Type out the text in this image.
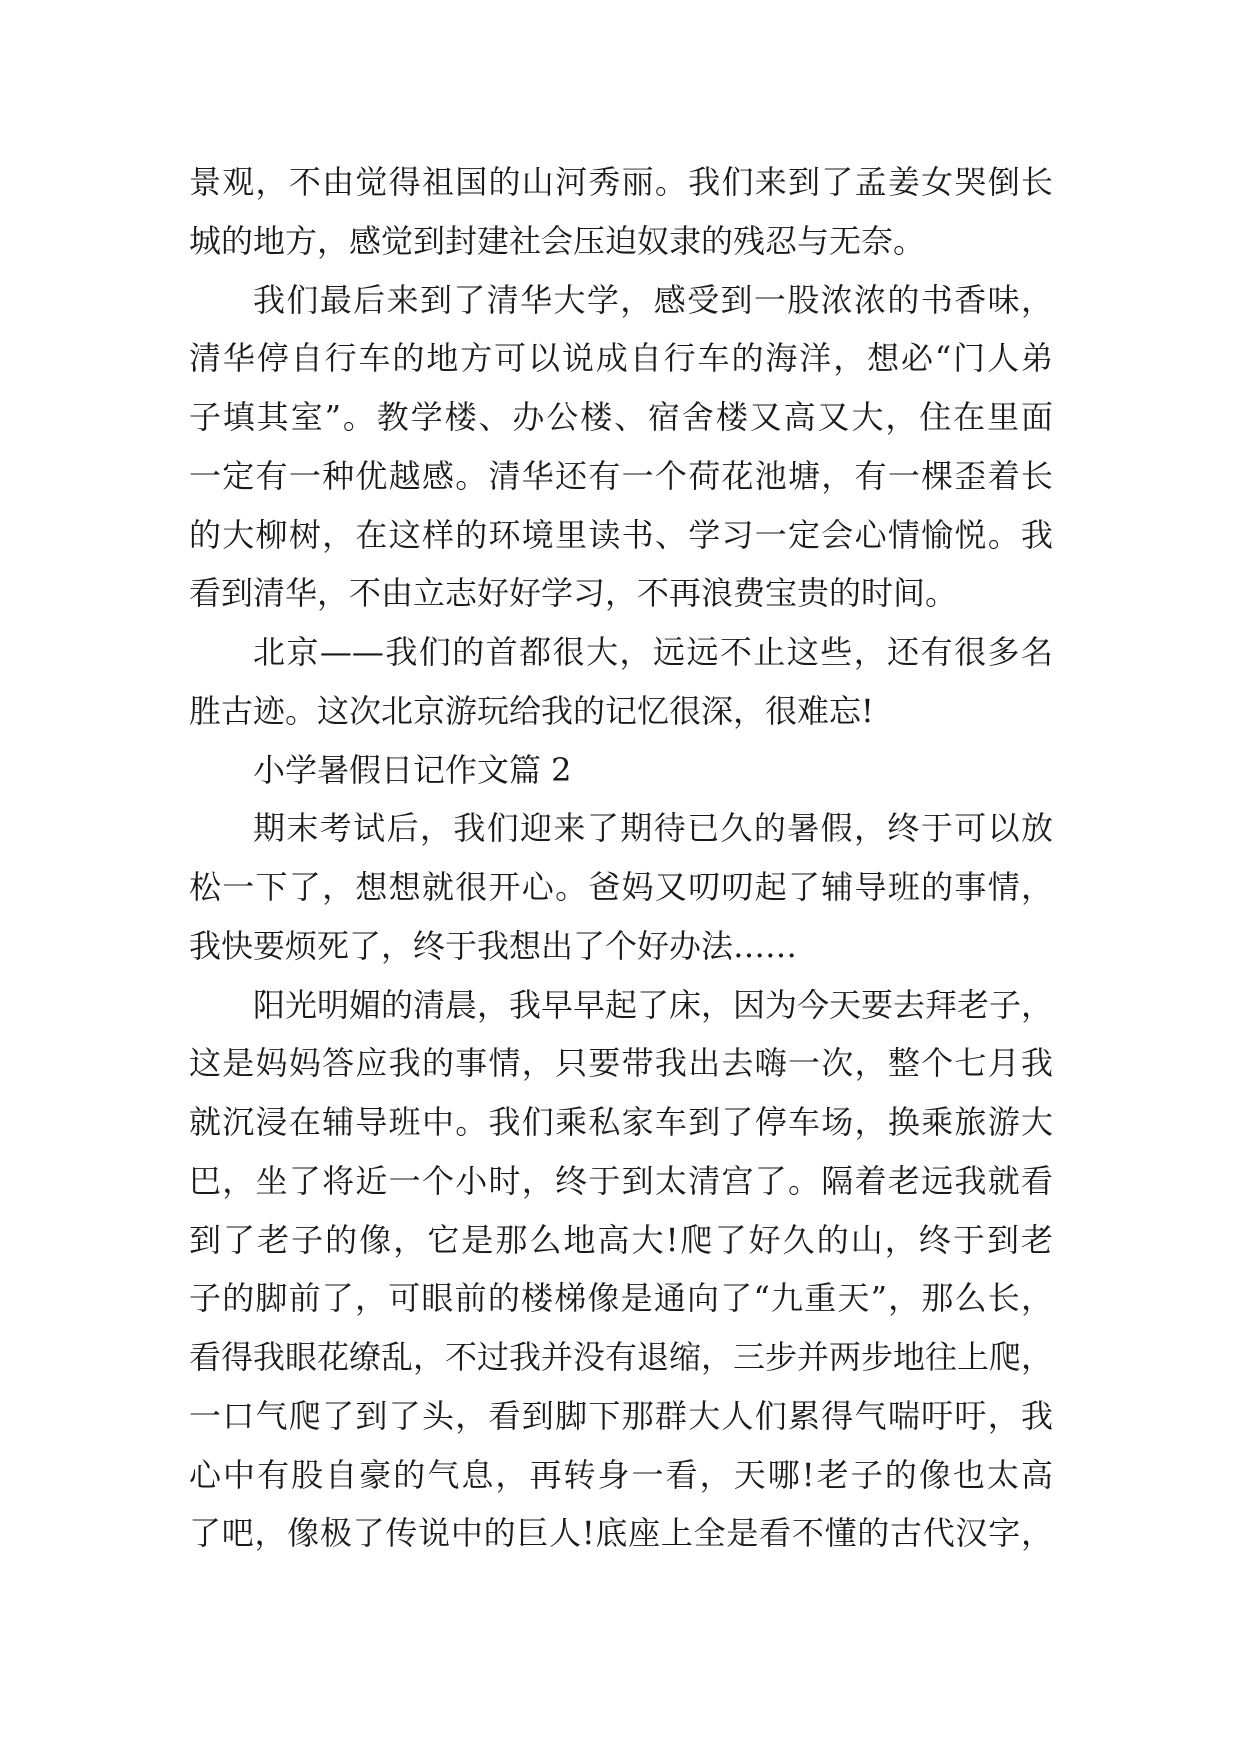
景观，不由觉得祖国的山河秀丽。我们来到了孟姜女哭倒长
城的地方，感觉到封建社会压迫奴隶的残忍与无奈。
我们最后来到了清华大学，感受到一股浓浓的书香味，
清华停自行车的地方可以说成自行车的海洋，想必“门人弟
子填其室”。教学楼、办公楼、宿舍楼又高又大，住在里面
一定有一种优越感。清华还有一个荷花池塘，有一棵歪着长
的大柳树，在这样的环境里读书、学习一定会心情愉悦。我
看到清华，不由立志好好学习，不再浪费宝贵的时间。
北京——我们的首都很大，远远不止这些，还有很多名
胜古迹。这次北京游玩给我的记忆很深，很难忘!
小学暑假日记作文篇 2
期末考试后，我们迎来了期待已久的暑假，终于可以放
松一下了，想想就很开心。爸妈又叨叨起了辅导班的事情，
我快要烦死了，终于我想出了个好办法……
阳光明媚的清晨，我早早起了床，因为今天要去拜老子，
这是妈妈答应我的事情，只要带我出去嗨一次，整个七月我
就沉浸在辅导班中。我们乘私家车到了停车场，换乘旅游大
巴，坐了将近一个小时，终于到太清宫了。隔着老远我就看
到了老子的像，它是那么地高大!爬了好久的山，终于到老
子的脚前了，可眼前的楼梯像是通向了“九重天”，那么长，
看得我眼花缭乱，不过我并没有退缩，三步并两步地往上爬，
一口气爬了到了头，看到脚下那群大人们累得气喘吁吁，我
心中有股自豪的气息，再转身一看，天哪!老子的像也太高
了吧，像极了传说中的巨人!底座上全是看不懂的古代汉字，
